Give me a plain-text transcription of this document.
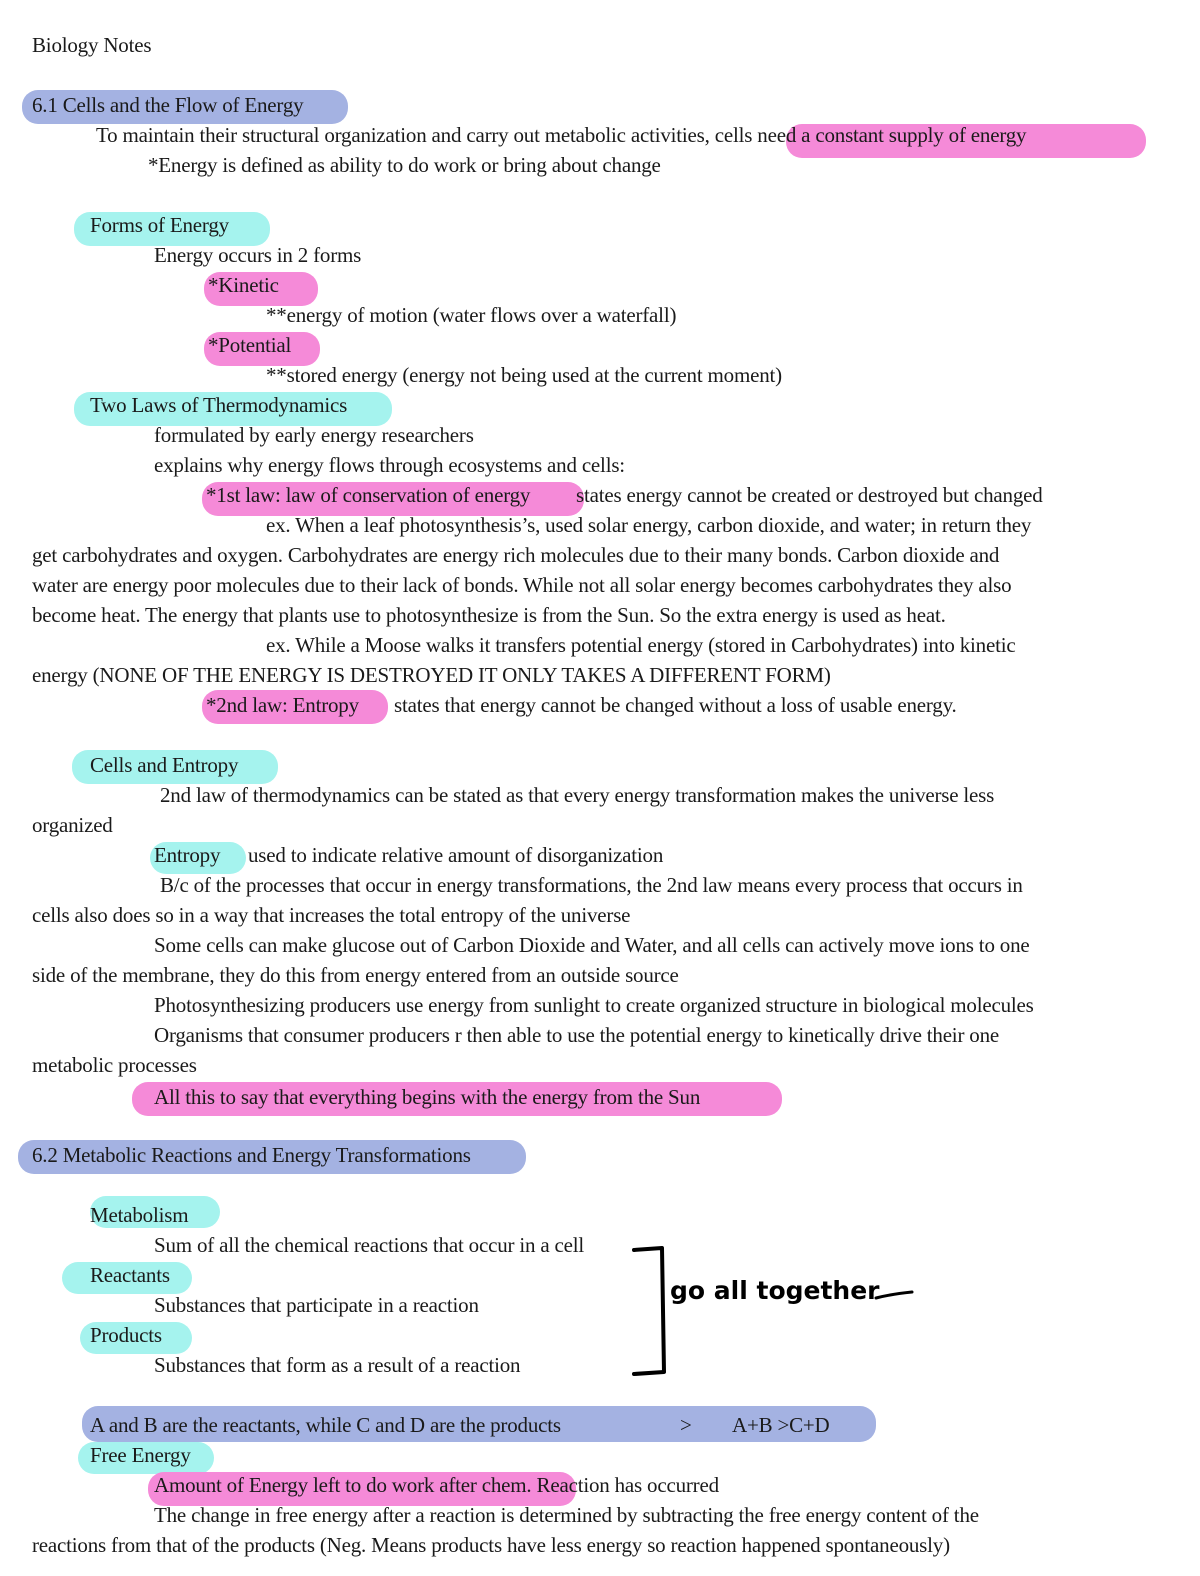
go all together
Biology Notes
6.1 Cells and the Flow of Energy
To maintain their structural organization and carry out metabolic activities, cells need a constant supply of energy
*Energy is defined as ability to do work or bring about change
Forms of Energy
Energy occurs in 2 forms
*Kinetic
**energy of motion (water flows over a waterfall)
*Potential
**stored energy (energy not being used at the current moment)
Two Laws of Thermodynamics
formulated by early energy researchers
explains why energy flows through ecosystems and cells:
*1st law: law of conservation of energy states energy cannot be created or destroyed but changed
ex. When a leaf photosynthesis’s, used solar energy, carbon dioxide, and water; in return they
get carbohydrates and oxygen. Carbohydrates are energy rich molecules due to their many bonds. Carbon dioxide and
water are energy poor molecules due to their lack of bonds. While not all solar energy becomes carbohydrates they also
become heat. The energy that plants use to photosynthesize is from the Sun. So the extra energy is used as heat.
ex. While a Moose walks it transfers potential energy (stored in Carbohydrates) into kinetic
energy (NONE OF THE ENERGY IS DESTROYED IT ONLY TAKES A DIFFERENT FORM)
*2nd law: Entropy states that energy cannot be changed without a loss of usable energy.
Cells and Entropy
2nd law of thermodynamics can be stated as that every energy transformation makes the universe less
organized
Entropy used to indicate relative amount of disorganization
B/c of the processes that occur in energy transformations, the 2nd law means every process that occurs in
cells also does so in a way that increases the total entropy of the universe
Some cells can make glucose out of Carbon Dioxide and Water, and all cells can actively move ions to one
side of the membrane, they do this from energy entered from an outside source
Photosynthesizing producers use energy from sunlight to create organized structure in biological molecules
Organisms that consumer producers r then able to use the potential energy to kinetically drive their one
metabolic processes
All this to say that everything begins with the energy from the Sun
6.2 Metabolic Reactions and Energy Transformations
Metabolism
Sum of all the chemical reactions that occur in a cell
Reactants
Substances that participate in a reaction
Products
Substances that form as a result of a reaction
A and B are the reactants, while C and D are the products	> A+B >C+D
Free Energy
Amount of Energy left to do work after chem. Reaction has occurred
The change in free energy after a reaction is determined by subtracting the free energy content of the
reactions from that of the products (Neg. Means products have less energy so reaction happened spontaneously)
